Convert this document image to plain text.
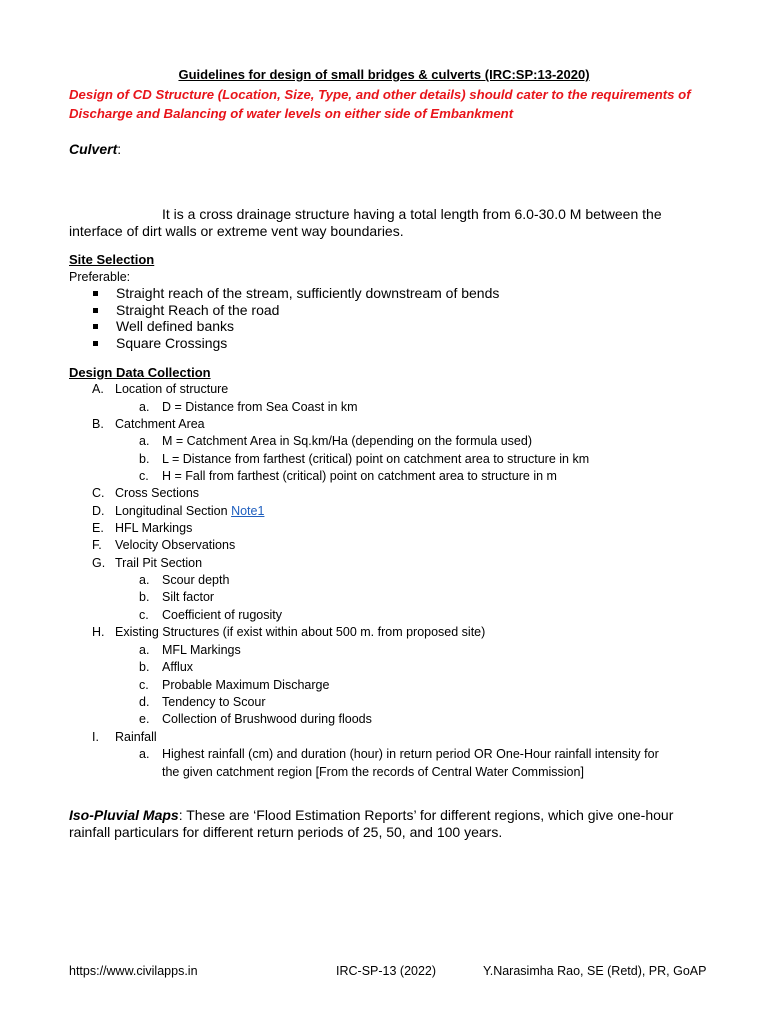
Guidelines for design of small bridges & culverts (IRC:SP:13-2020)
Design of CD Structure (Location, Size, Type, and other details) should cater to the requirements of Discharge and Balancing of water levels on either side of Embankment
Culvert:
It is a cross drainage structure having a total length from 6.0-30.0 M between the interface of dirt walls or extreme vent way boundaries.
Site Selection
Preferable:
Straight reach of the stream, sufficiently downstream of bends
Straight Reach of the road
Well defined banks
Square Crossings
Design Data Collection
A. Location of structure
a. D = Distance from Sea Coast in km
B. Catchment Area
a. M = Catchment Area in Sq.km/Ha (depending on the formula used)
b. L = Distance from farthest (critical) point on catchment area to structure in km
c. H = Fall from farthest (critical) point on catchment area to structure in m
C. Cross Sections
D. Longitudinal Section Note1
E. HFL Markings
F. Velocity Observations
G. Trail Pit Section
a. Scour depth
b. Silt factor
c. Coefficient of rugosity
H. Existing Structures (if exist within about 500 m. from proposed site)
a. MFL Markings
b. Afflux
c. Probable Maximum Discharge
d. Tendency to Scour
e. Collection of Brushwood during floods
I. Rainfall
a. Highest rainfall (cm) and duration (hour) in return period OR One-Hour rainfall intensity for
the given catchment region [From the records of Central Water Commission]
Iso-Pluvial Maps: These are ‘Flood Estimation Reports’ for different regions, which give one-hour rainfall particulars for different return periods of 25, 50, and 100 years.
https://www.civilapps.in	IRC-SP-13 (2022)	Y.Narasimha Rao, SE (Retd), PR, GoAP
